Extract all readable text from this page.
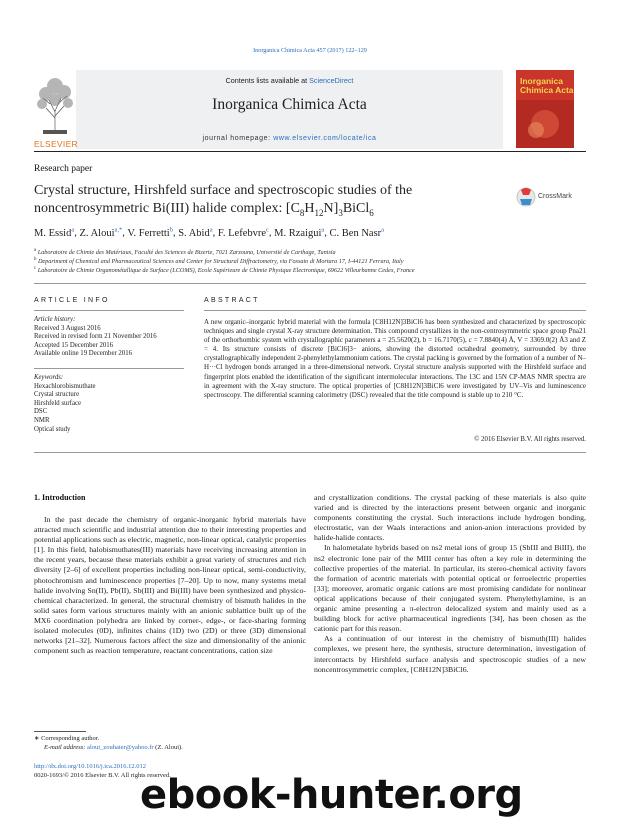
Inorganica Chimica Acta 457 (2017) 122–129
ELSEVIER
Contents lists available at ScienceDirect
Inorganica Chimica Acta
journal homepage: www.elsevier.com/locate/ica
Inorganica
Chimica Acta
Research paper
Crystal structure, Hirshfeld surface and spectroscopic studies of the
noncentrosymmetric Bi(III) halide complex: $[C_8H_{12}N]_3BiCl_6$
CrossMark
M. Essid$^a$, Z. Aloui$^{a,*}$, V. Ferretti$^b$, S. Abid$^a$, F. Lefebvre$^c$, M. Rzaigui$^a$, C. Ben Nasr$^a$
$^a$ Laboratoire de Chimie des Matériaux, Faculté des Sciences de Bizerte, 7021 Zarzouna, Université de Carthage, Tunisia
$^b$ Department of Chemical and Pharmaceutical Sciences and Center for Structural Diffractometry, via Fossato di Mortara 17, I-44121 Ferrara, Italy
$^c$ Laboratoire de Chimie Organométallique de Surface (LCOMS), Ecole Supérieure de Chimie Physique Electronique, 69622 Villeurbanne Cedex, France
ARTICLE INFO
Article history:
Received 3 August 2016
Received in revised form 21 November 2016
Accepted 15 December 2016
Available online 19 December 2016
Keywords:
Hexachlorobismuthate
Crystal structure
Hirshfeld surface
DSC
NMR
Optical study
ABSTRACT
A new organic–inorganic hybrid material with the formula [C8H12N]3BiCl6 has been synthesized and characterized by spectroscopic techniques and single crystal X-ray structure determination. This compound crystallizes in the non-centrosymmetric space group Pna21 of the orthorhombic system with crystallographic parameters a = 25.5620(2), b = 16.7170(5), c = 7.8840(4) Å, V = 3369.0(2) Å3 and Z = 4. Its structure consists of discrete [BiCl6]3− anions, showing the distorted octahedral geometry, surrounded by three crystallographically independent 2-phenylethylammonium cations. The crystal packing is governed by the formation of a number of N–H···Cl hydrogen bonds arranged in a three-dimensional network. Crystal structure analysis supported with the Hirshfeld surface and fingerprint plots enabled the identification of the significant intermolecular interactions. The 13C and 15N CP-MAS NMR spectra are in agreement with the X-ray structure. The optical properties of [C8H12N]3BiCl6 were investigated by UV–Vis and luminescence spectroscopy. The differential scanning calorimetry (DSC) revealed that the title compound is stable up to 210 °C.
© 2016 Elsevier B.V. All rights reserved.
1. Introduction

In the past decade the chemistry of organic-inorganic hybrid materials have attracted much scientific and industrial attention due to their interesting properties and potential applications such as electric, magnetic, non-linear optical, catalytic properties [1]. In this field, halobismuthates(III) materials have receiving increasing attention in the recent years, because these materials exhibit a great variety of structures and rich diversity [2–6] of excellent properties including non-linear optical, semi-conductivity, photochromism and luminescence properties [7–20]. Up to now, many systems metal halide involving Sn(II), Pb(II), Sb(III) and Bi(III) have been synthesized and physico-chemical characterized. In general, the structural chemistry of bismuth halides in the solid sates form various structures mainly with an anionic sublattice built up of the MX6 coordination polyhedra are linked by corner-, edge-, or face-sharing forming isolated molecules (0D), infinites chains (1D) two (2D) or three (3D) dimensional networks [21–32]. Numerous factors affect the size and dimensionality of the anionic component such as reaction temperature, reactant concentrations, cation size

and crystallization conditions. The crystal packing of these materials is also quite varied and is directed by the interactions present between organic and inorganic components constituting the crystal. Such interactions include hydrogen bonding, electrostatic, van der Waals interactions and anion-anion interactions provided by halide-halide contacts.

In halometalate hybrids based on ns2 metal ions of group 15 (SbIII and BiIII), the ns2 electronic lone pair of the MIII center has often a key role in determining the collective properties of the material. In particular, its stereo-chemical activity favors the formation of acentric materials with potential optical or ferroelectric properties [33]; moreover, aromatic organic cations are most promising candidate for nonlinear optical applications because of their conjugated system. Phenylethylamine, is an organic amine presenting a π-electron delocalized system and mainly used as a building block for active pharmaceutical ingredients [34], has been chosen as the cationic part for this reason.

As a continuation of our interest in the chemistry of bismuth(III) halides complexes, we present here, the synthesis, structure determination, investigation of intercontacts by Hirshfeld surface analysis and spectroscopic studies of a new noncentrosymmetric complex, [C8H12N]3BiCl6.

∗ Corresponding author.
E-mail address: aloui_zouhaier@yahoo.fr (Z. Aloui).
http://dx.doi.org/10.1016/j.ica.2016.12.012
0020-1693/© 2016 Elsevier B.V. All rights reserved.
ebook-hunter.org
